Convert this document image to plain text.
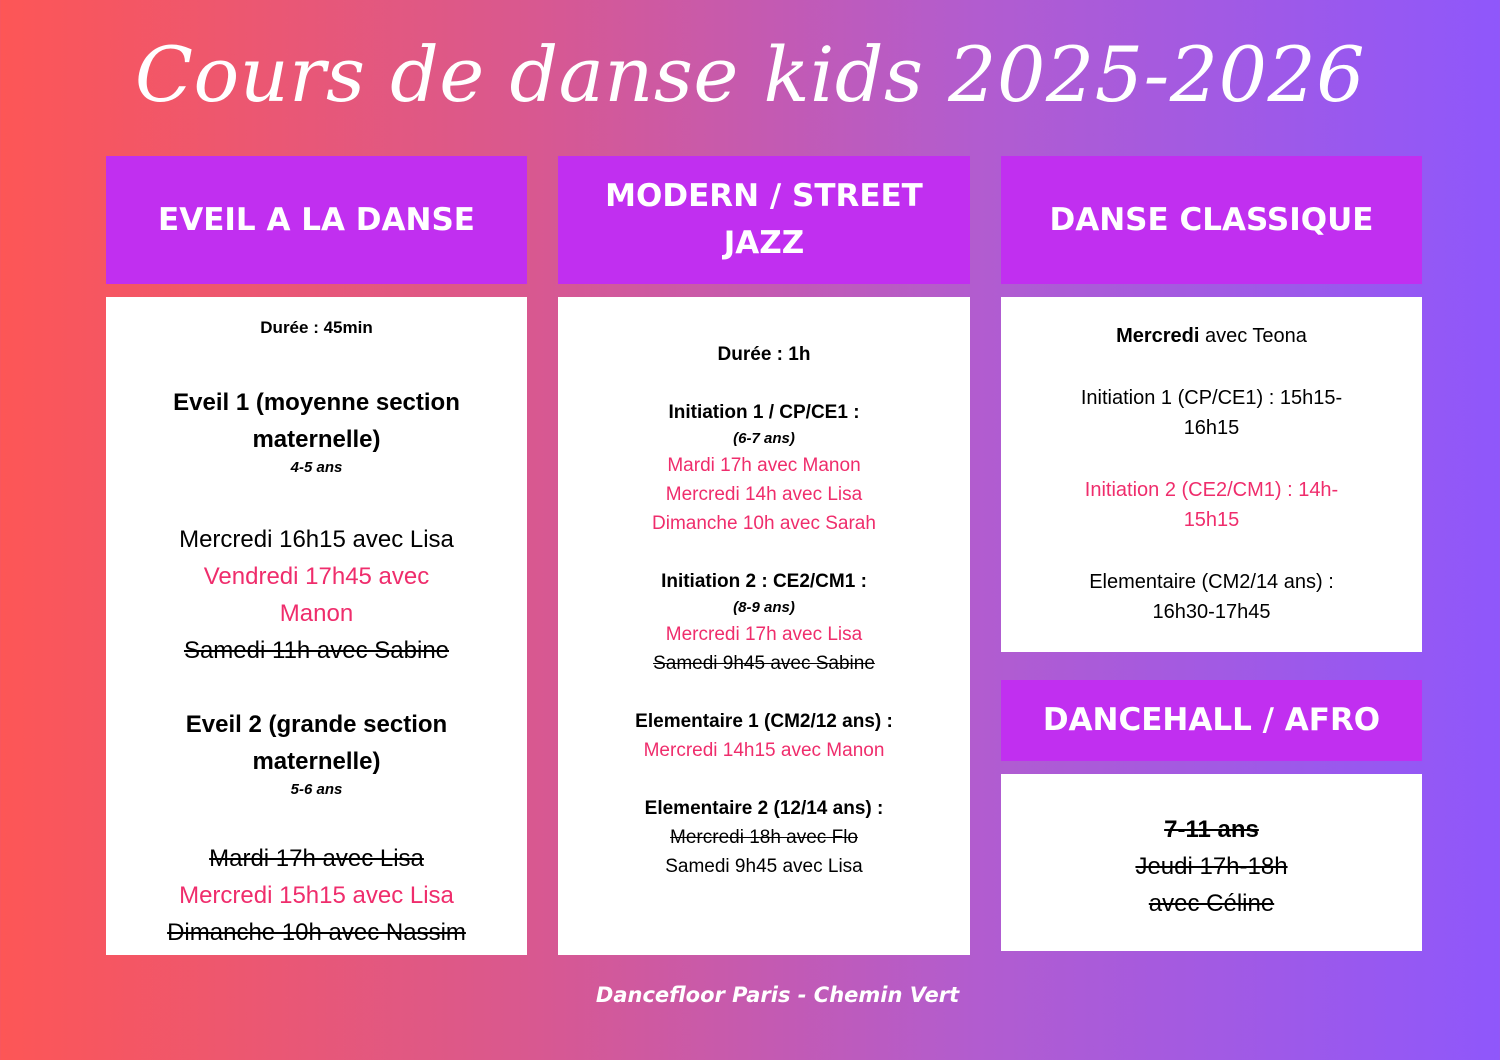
Cours de danse kids 2025-2026
EVEIL A LA DANSE
Durée : 45min
Eveil 1 (moyenne section
maternelle)
4-5 ans
Mercredi 16h15 avec Lisa
Vendredi 17h45 avec
Manon
Samedi 11h avec Sabine
Eveil 2 (grande section
maternelle)
5-6 ans
Mardi 17h avec Lisa
Mercredi 15h15 avec Lisa
Dimanche 10h avec Nassim
MODERN / STREET
JAZZ
Durée : 1h
Initiation 1 / CP/CE1 :
(6-7 ans)
Mardi 17h avec Manon
Mercredi 14h avec Lisa
Dimanche 10h avec Sarah
Initiation 2 : CE2/CM1 :
(8-9 ans)
Mercredi 17h avec Lisa
Samedi 9h45 avec Sabine
Elementaire 1 (CM2/12 ans) :
Mercredi 14h15 avec Manon
Elementaire 2 (12/14 ans) :
Mercredi 18h avec Flo
Samedi 9h45 avec Lisa
DANSE CLASSIQUE
Mercredi avec Teona
Initiation 1 (CP/CE1) : 15h15-
16h15
Initiation 2 (CE2/CM1) : 14h-
15h15
Elementaire (CM2/14 ans) :
16h30-17h45
DANCEHALL / AFRO
7-11 ans
Jeudi 17h-18h
avec Céline
Dancefloor Paris - Chemin Vert
